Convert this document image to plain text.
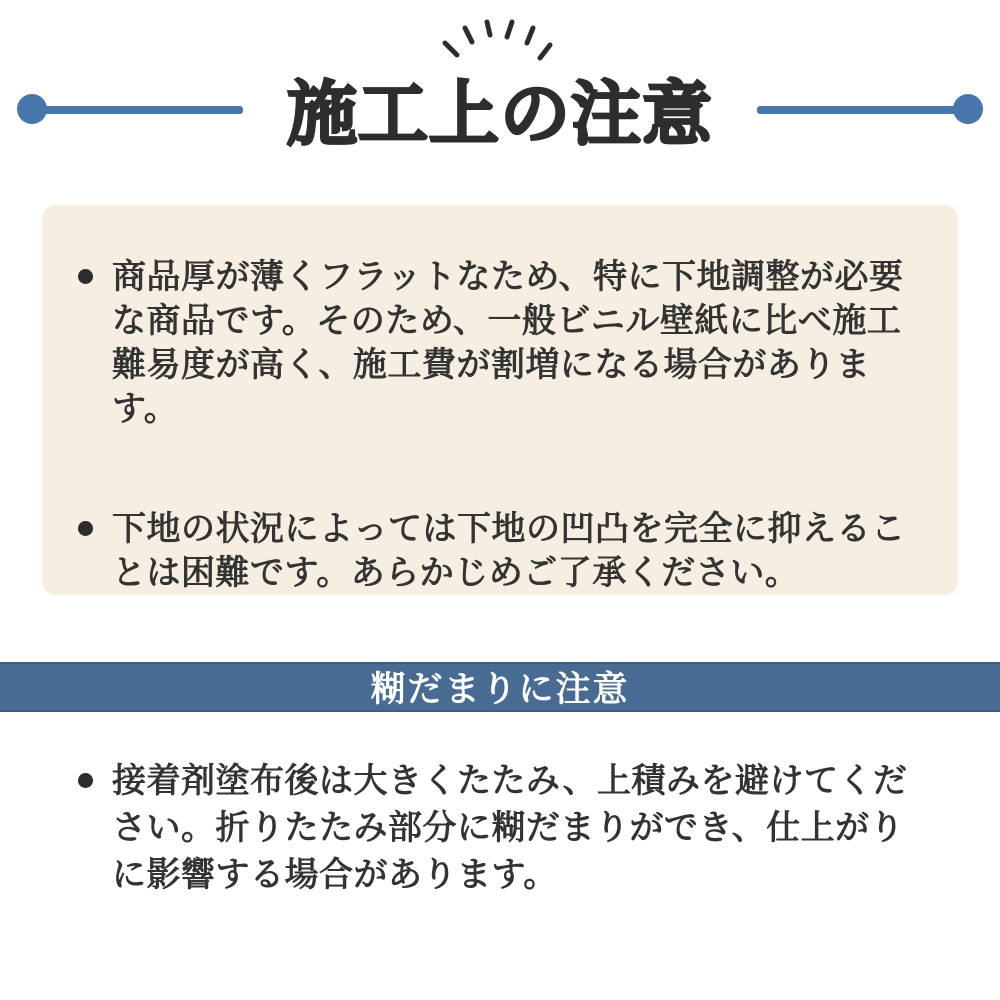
施工上の注意

商品厚が薄くフラットなため、特に下地調整が必要
な商品です。そのため、一般ビニル壁紙に比べ施工
難易度が高く、施工費が割増になる場合があります。

下地の状況によっては下地の凹凸を完全に抑えるこ
とは困難です。あらかじめご了承ください。

糊だまりに注意

接着剤塗布後は大きくたたみ、上積みを避けてくだ
さい。折りたたみ部分に糊だまりができ、仕上がり
に影響する場合があります。
